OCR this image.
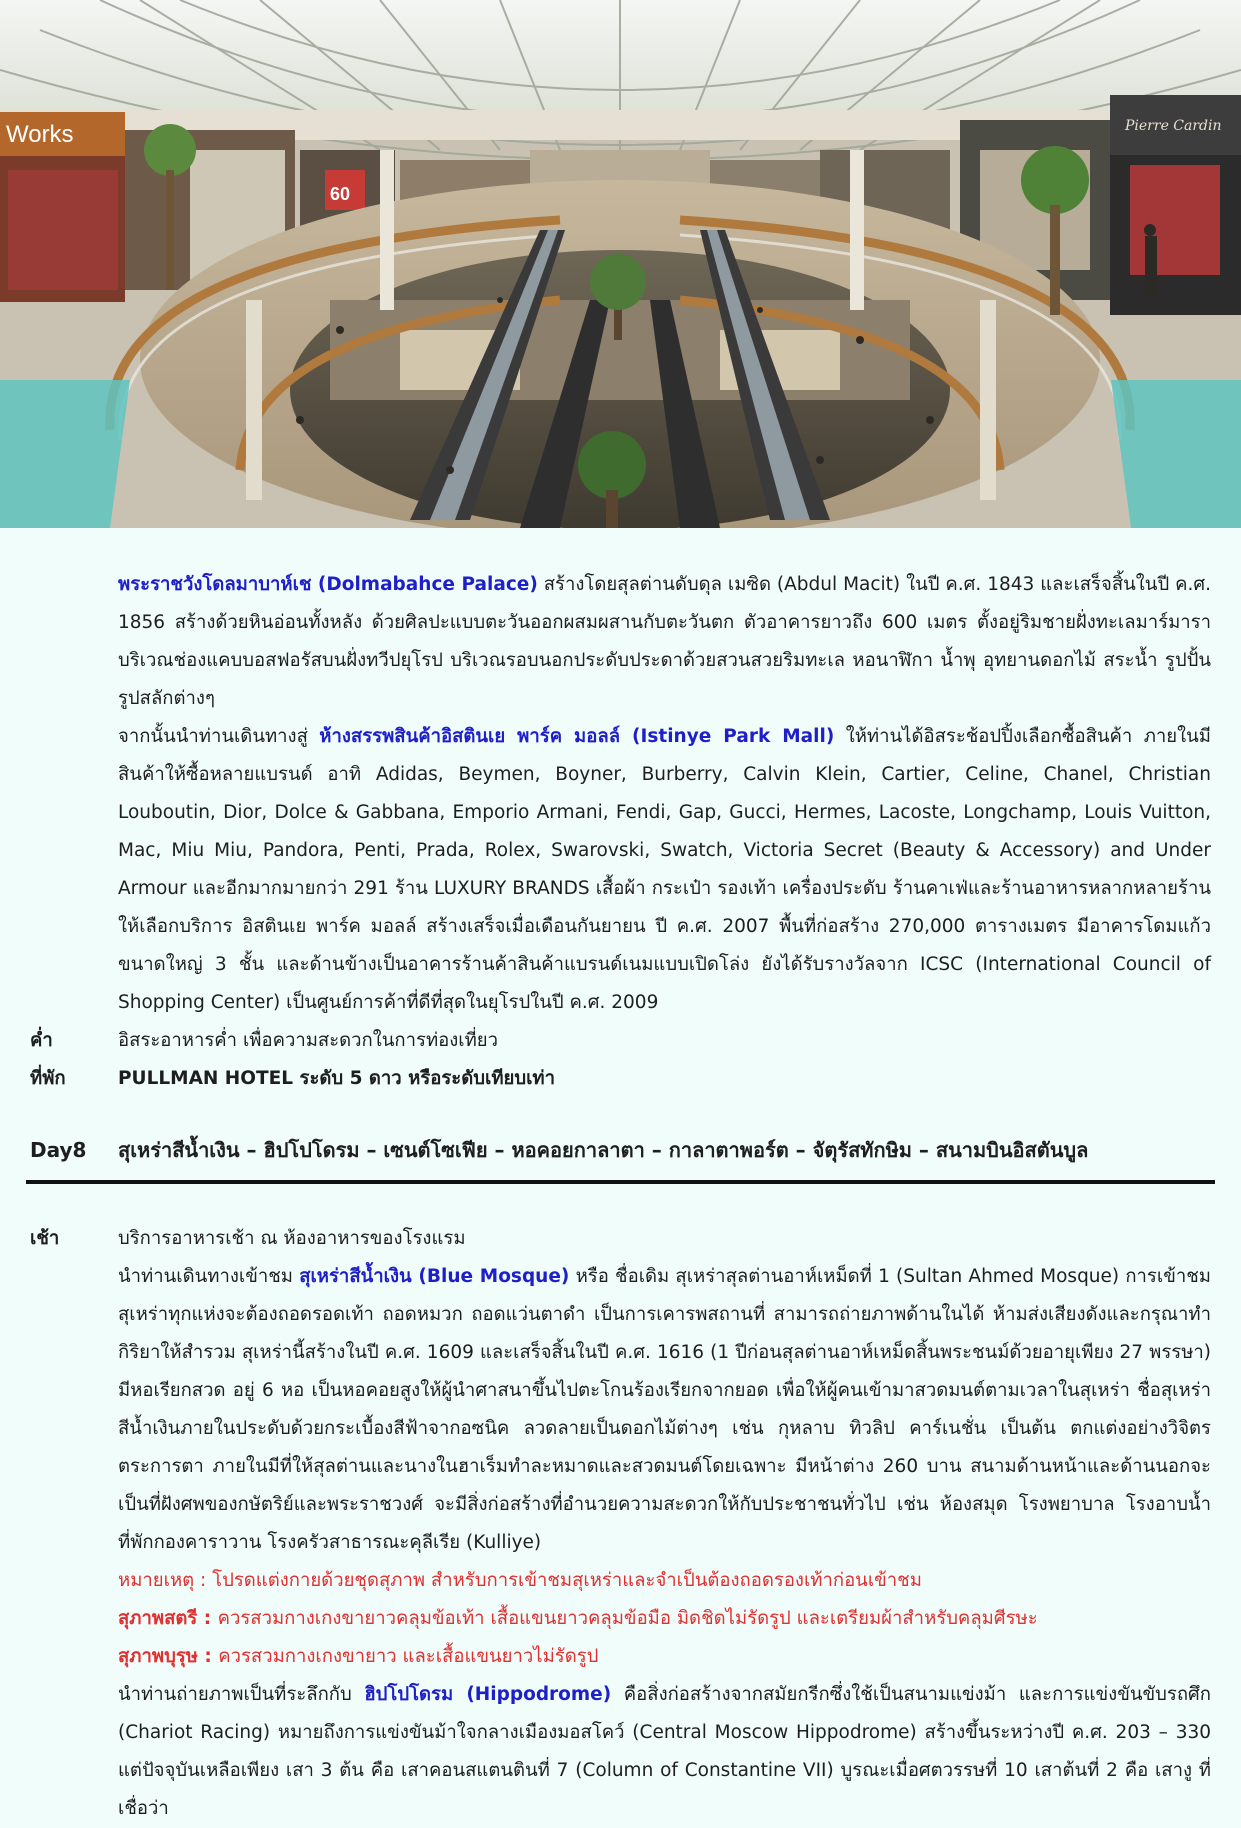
Works
60
Pierre Cardin

พระราชวังโดลมาบาห์เช (Dolmabahce Palace) สร้างโดยสุลต่านดับดุล เมซิด (Abdul Macit) ในปี ค.ศ. 1843 และเสร็จสิ้นในปี ค.ศ. 1856 สร้างด้วยหินอ่อนทั้งหลัง ด้วยศิลปะแบบตะวันออกผสมผสานกับตะวันตก ตัวอาคารยาวถึง 600 เมตร ตั้งอยู่ริมชายฝั่งทะเลมาร์มาราบริเวณช่องแคบบอสฟอรัสบนฝั่งทวีปยุโรป บริเวณรอบนอกประดับประดาด้วยสวนสวยริมทะเล หอนาฬิกา น้ำพุ อุทยานดอกไม้ สระน้ำ รูปปั้น รูปสลักต่างๆ

จากนั้นนำท่านเดินทางสู่ ห้างสรรพสินค้าอิสตินเย พาร์ค มอลล์ (Istinye Park Mall) ให้ท่านได้อิสระช้อปปิ้งเลือกซื้อสินค้า ภายในมีสินค้าให้ซื้อหลายแบรนด์ อาทิ Adidas, Beymen, Boyner, Burberry, Calvin Klein, Cartier, Celine, Chanel, Christian Louboutin, Dior, Dolce & Gabbana, Emporio Armani, Fendi, Gap, Gucci, Hermes, Lacoste, Longchamp, Louis Vuitton, Mac, Miu Miu, Pandora, Penti, Prada, Rolex, Swarovski, Swatch, Victoria Secret (Beauty & Accessory) and Under Armour และอีกมากมายกว่า 291 ร้าน LUXURY BRANDS เสื้อผ้า กระเป๋า รองเท้า เครื่องประดับ ร้านคาเฟ่และร้านอาหารหลากหลายร้านให้เลือกบริการ อิสตินเย พาร์ค มอลล์ สร้างเสร็จเมื่อเดือนกันยายน ปี ค.ศ. 2007 พื้นที่ก่อสร้าง 270,000 ตารางเมตร มีอาคารโดมแก้วขนาดใหญ่ 3 ชั้น และด้านข้างเป็นอาคารร้านค้าสินค้าแบรนด์เนมแบบเปิดโล่ง ยังได้รับรางวัลจาก ICSC (International Council of Shopping Center) เป็นศูนย์การค้าที่ดีที่สุดในยุโรปในปี ค.ศ. 2009

ค่ำ	อิสระอาหารค่ำ เพื่อความสะดวกในการท่องเที่ยว

ที่พัก	PULLMAN HOTEL ระดับ 5 ดาว หรือระดับเทียบเท่า

Day8 สุเหร่าสีน้ำเงิน – ฮิปโปโดรม – เซนต์โซเฟีย – หอคอยกาลาตา – กาลาตาพอร์ต – จัตุรัสทักษิม – สนามบินอิสตันบูล
เช้า	บริการอาหารเช้า ณ ห้องอาหารของโรงแรม

นำท่านเดินทางเข้าชม สุเหร่าสีน้ำเงิน (Blue Mosque) หรือ ชื่อเดิม สุเหร่าสุลต่านอาห์เหม็ดที่ 1 (Sultan Ahmed Mosque) การเข้าชมสุเหร่าทุกแห่งจะต้องถอดรอดเท้า ถอดหมวก ถอดแว่นตาดำ เป็นการเคารพสถานที่ สามารถถ่ายภาพด้านในได้ ห้ามส่งเสียงดังและกรุณาทำกิริยาให้สำรวม สุเหร่านี้สร้างในปี ค.ศ. 1609 และเสร็จสิ้นในปี ค.ศ. 1616 (1 ปีก่อนสุลต่านอาห์เหม็ดสิ้นพระชนม์ด้วยอายุเพียง 27 พรรษา) มีหอเรียกสวด อยู่ 6 หอ เป็นหอคอยสูงให้ผู้นำศาสนาขึ้นไปตะโกนร้องเรียกจากยอด เพื่อให้ผู้คนเข้ามาสวดมนต์ตามเวลาในสุเหร่า ชื่อสุเหร่าสีน้ำเงินภายในประดับด้วยกระเบื้องสีฟ้าจากอซนิค ลวดลายเป็นดอกไม้ต่างๆ เช่น กุหลาบ ทิวลิป คาร์เนชั่น เป็นต้น ตกแต่งอย่างวิจิตรตระการตา ภายในมีที่ให้สุลต่านและนางในฮาเร็มทำละหมาดและสวดมนต์โดยเฉพาะ มีหน้าต่าง 260 บาน สนามด้านหน้าและด้านนอกจะเป็นที่ฝังศพของกษัตริย์และพระราชวงศ์ จะมีสิ่งก่อสร้างที่อำนวยความสะดวกให้กับประชาชนทั่วไป เช่น ห้องสมุด โรงพยาบาล โรงอาบน้ำ ที่พักกองคาราวาน โรงครัวสาธารณะคุลีเรีย (Kulliye)

หมายเหตุ : โปรดแต่งกายด้วยชุดสุภาพ สำหรับการเข้าชมสุเหร่าและจำเป็นต้องถอดรองเท้าก่อนเข้าชม

สุภาพสตรี : ควรสวมกางเกงขายาวคลุมข้อเท้า เสื้อแขนยาวคลุมข้อมือ มิดชิดไม่รัดรูป และเตรียมผ้าสำหรับคลุมศีรษะ

สุภาพบุรุษ : ควรสวมกางเกงขายาว และเสื้อแขนยาวไม่รัดรูป

นำท่านถ่ายภาพเป็นที่ระลึกกับ ฮิปโปโดรม (Hippodrome) คือสิ่งก่อสร้างจากสมัยกรีกซึ่งใช้เป็นสนามแข่งม้า และการแข่งขันขับรถศึก (Chariot Racing) หมายถึงการแข่งขันม้าใจกลางเมืองมอสโคว์ (Central Moscow Hippodrome) สร้างขึ้นระหว่างปี ค.ศ. 203 – 330 แต่ปัจจุบันเหลือเพียง เสา 3 ต้น คือ เสาคอนสแตนตินที่ 7 (Column of Constantine VII) บูรณะเมื่อศตวรรษที่ 10 เสาต้นที่ 2 คือ เสางู ที่เชื่อว่า
